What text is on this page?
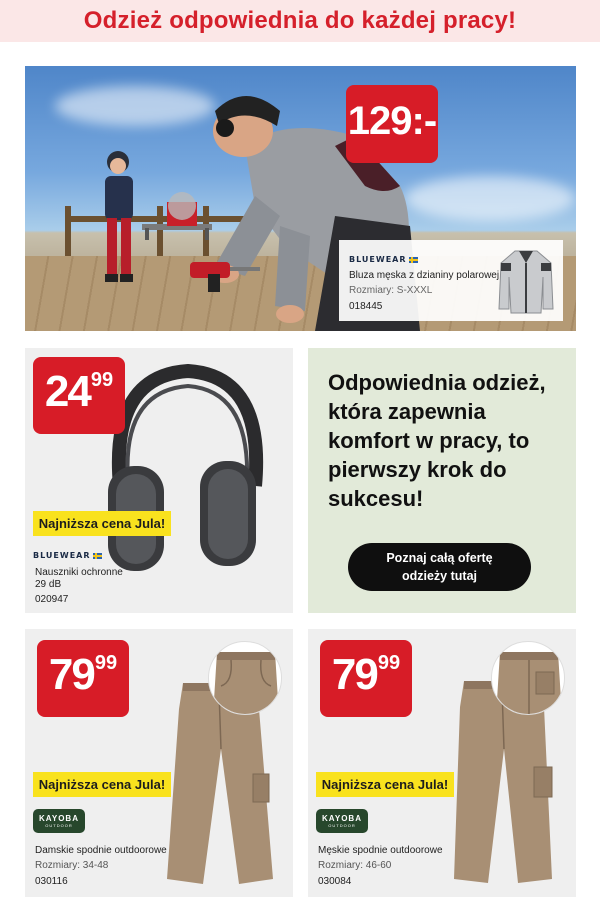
Odzież odpowiednia do każdej pracy!
129:-
BLUEWEAR
Bluza męska z dzianiny polarowej
Rozmiary: S-XXXL
018445
24 99
Najniższa cena Jula!
BLUEWEAR
Nauszniki ochronne
29 dB
020947
Odpowiednia odzież, która zapewnia komfort w pracy, to pierwszy krok do sukcesu!
Poznaj całą ofertę
odzieży tutaj
79 99
Najniższa cena Jula!
KAYOBA
OUTDOOR
Damskie spodnie outdoorowe
Rozmiary: 34-48
030116
79 99
Najniższa cena Jula!
KAYOBA
OUTDOOR
Męskie spodnie outdoorowe
Rozmiary: 46-60
030084
